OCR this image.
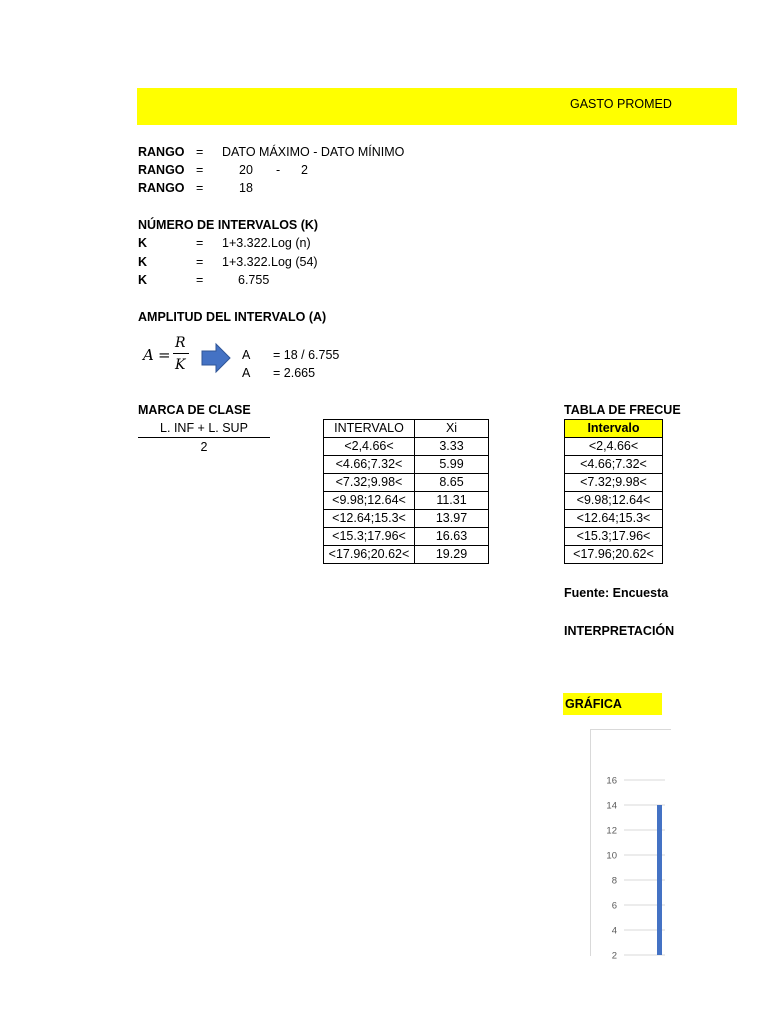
GASTO PROMED
RANGO = DATO MÁXIMO - DATO MÍNIMO
RANGO =	20 - 2
RANGO =	18
NÚMERO DE INTERVALOS (K)
K	= 1+3.322.Log (n)
K	= 1+3.322.Log (54)
K	=	6.755
AMPLITUD DEL INTERVALO (A)
A =
R
K
A = 18 / 6.755
A = 2.665
MARCA DE CLASE
L. INF + L. SUP
2
INTERVALO	Xi
<2,4.66<	3.33
<4.66;7.32<	5.99
<7.32;9.98<	8.65
<9.98;12.64<	11.31
<12.64;15.3<	13.97
<15.3;17.96<	16.63
<17.96;20.62<	19.29
TABLA DE FRECUE
Intervalo
<2,4.66<
<4.66;7.32<
<7.32;9.98<
<9.98;12.64<
<12.64;15.3<
<15.3;17.96<
<17.96;20.62<
Fuente: Encuesta
INTERPRETACIÓN
GRÁFICA
16
14
12
10
8
6
4
2
